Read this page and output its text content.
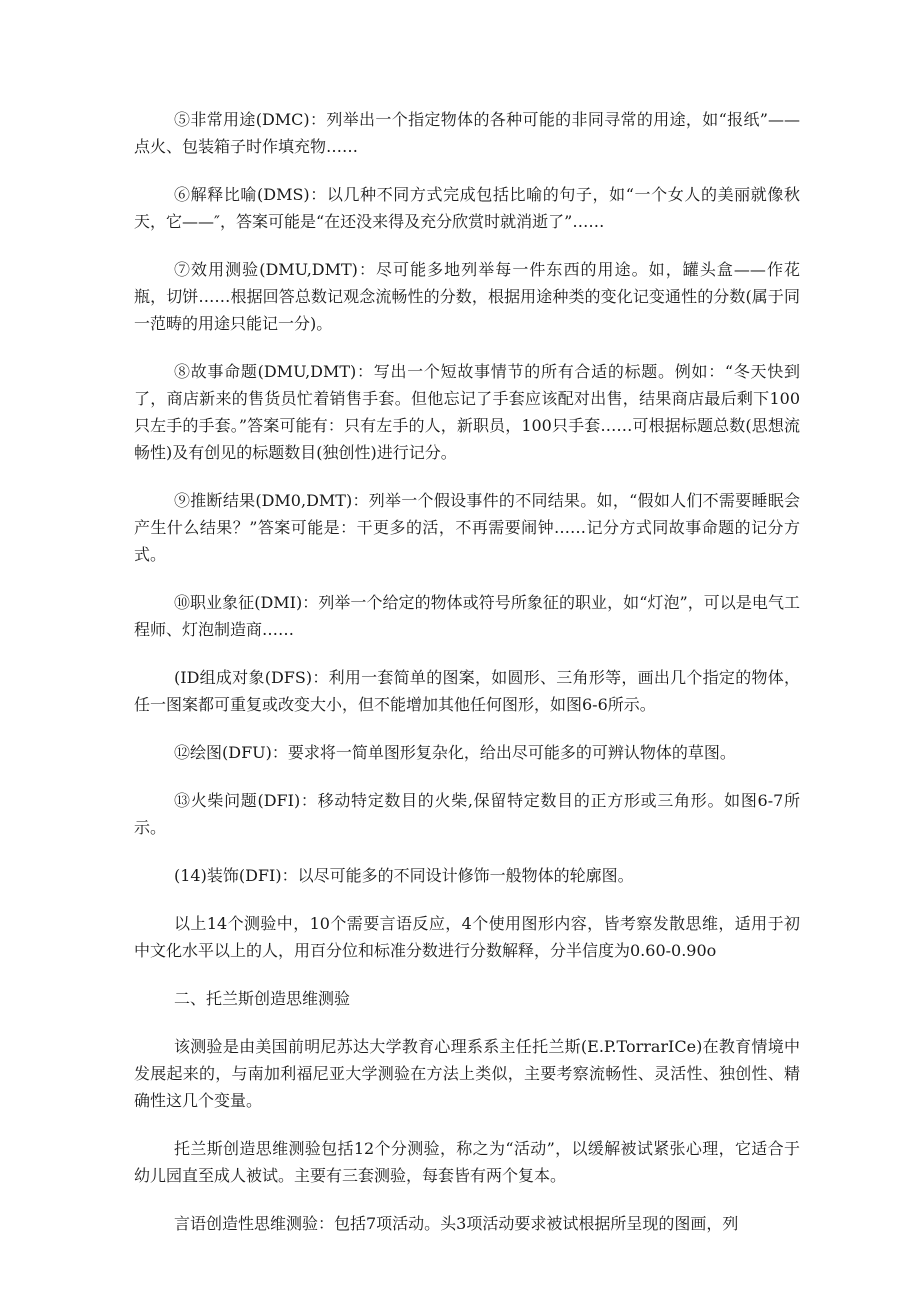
⑤非常用途(DMC)：列举出一个指定物体的各种可能的非同寻常的用途，如“报纸”——点火、包装箱子时作填充物……

⑥解释比喻(DMS)：以几种不同方式完成包括比喻的句子，如“一个女人的美丽就像秋天，它——″，答案可能是“在还没来得及充分欣赏时就消逝了”……

⑦效用测验(DMU,DMT)：尽可能多地列举每一件东西的用途。如，罐头盒——作花瓶，切饼……根据回答总数记观念流畅性的分数，根据用途种类的变化记变通性的分数(属于同一范畴的用途只能记一分)。

⑧故事命题(DMU,DMT)：写出一个短故事情节的所有合适的标题。例如：“冬天快到了，商店新来的售货员忙着销售手套。但他忘记了手套应该配对出售，结果商店最后剩下100只左手的手套。”答案可能有：只有左手的人，新职员，100只手套……可根据标题总数(思想流畅性)及有创见的标题数目(独创性)进行记分。

⑨推断结果(DM0,DMT)：列举一个假设事件的不同结果。如，“假如人们不需要睡眠会产生什么结果？”答案可能是：干更多的活，不再需要闹钟……记分方式同故事命题的记分方式。

⑩职业象征(DMI)：列举一个给定的物体或符号所象征的职业，如“灯泡”，可以是电气工程师、灯泡制造商……

(ID组成对象(DFS)：利用一套简单的图案，如圆形、三角形等，画出几个指定的物体，任一图案都可重复或改变大小，但不能增加其他任何图形，如图6-6所示。

⑫绘图(DFU)：要求将一简单图形复杂化，给出尽可能多的可辨认物体的草图。

⑬火柴问题(DFI)：移动特定数目的火柴,保留特定数目的正方形或三角形。如图6-7所示。

(14)装饰(DFI)：以尽可能多的不同设计修饰一般物体的轮廓图。

以上14个测验中，10个需要言语反应，4个使用图形内容，皆考察发散思维，适用于初中文化水平以上的人，用百分位和标准分数进行分数解释，分半信度为0.60-0.90o

二、托兰斯创造思维测验

该测验是由美国前明尼苏达大学教育心理系系主任托兰斯(E.P.TorrarICe)在教育情境中发展起来的，与南加利福尼亚大学测验在方法上类似，主要考察流畅性、灵活性、独创性、精确性这几个变量。

托兰斯创造思维测验包括12个分测验，称之为“活动”，以缓解被试紧张心理，它适合于幼儿园直至成人被试。主要有三套测验，每套皆有两个复本。

言语创造性思维测验：包括7项活动。头3项活动要求被试根据所呈现的图画，列
